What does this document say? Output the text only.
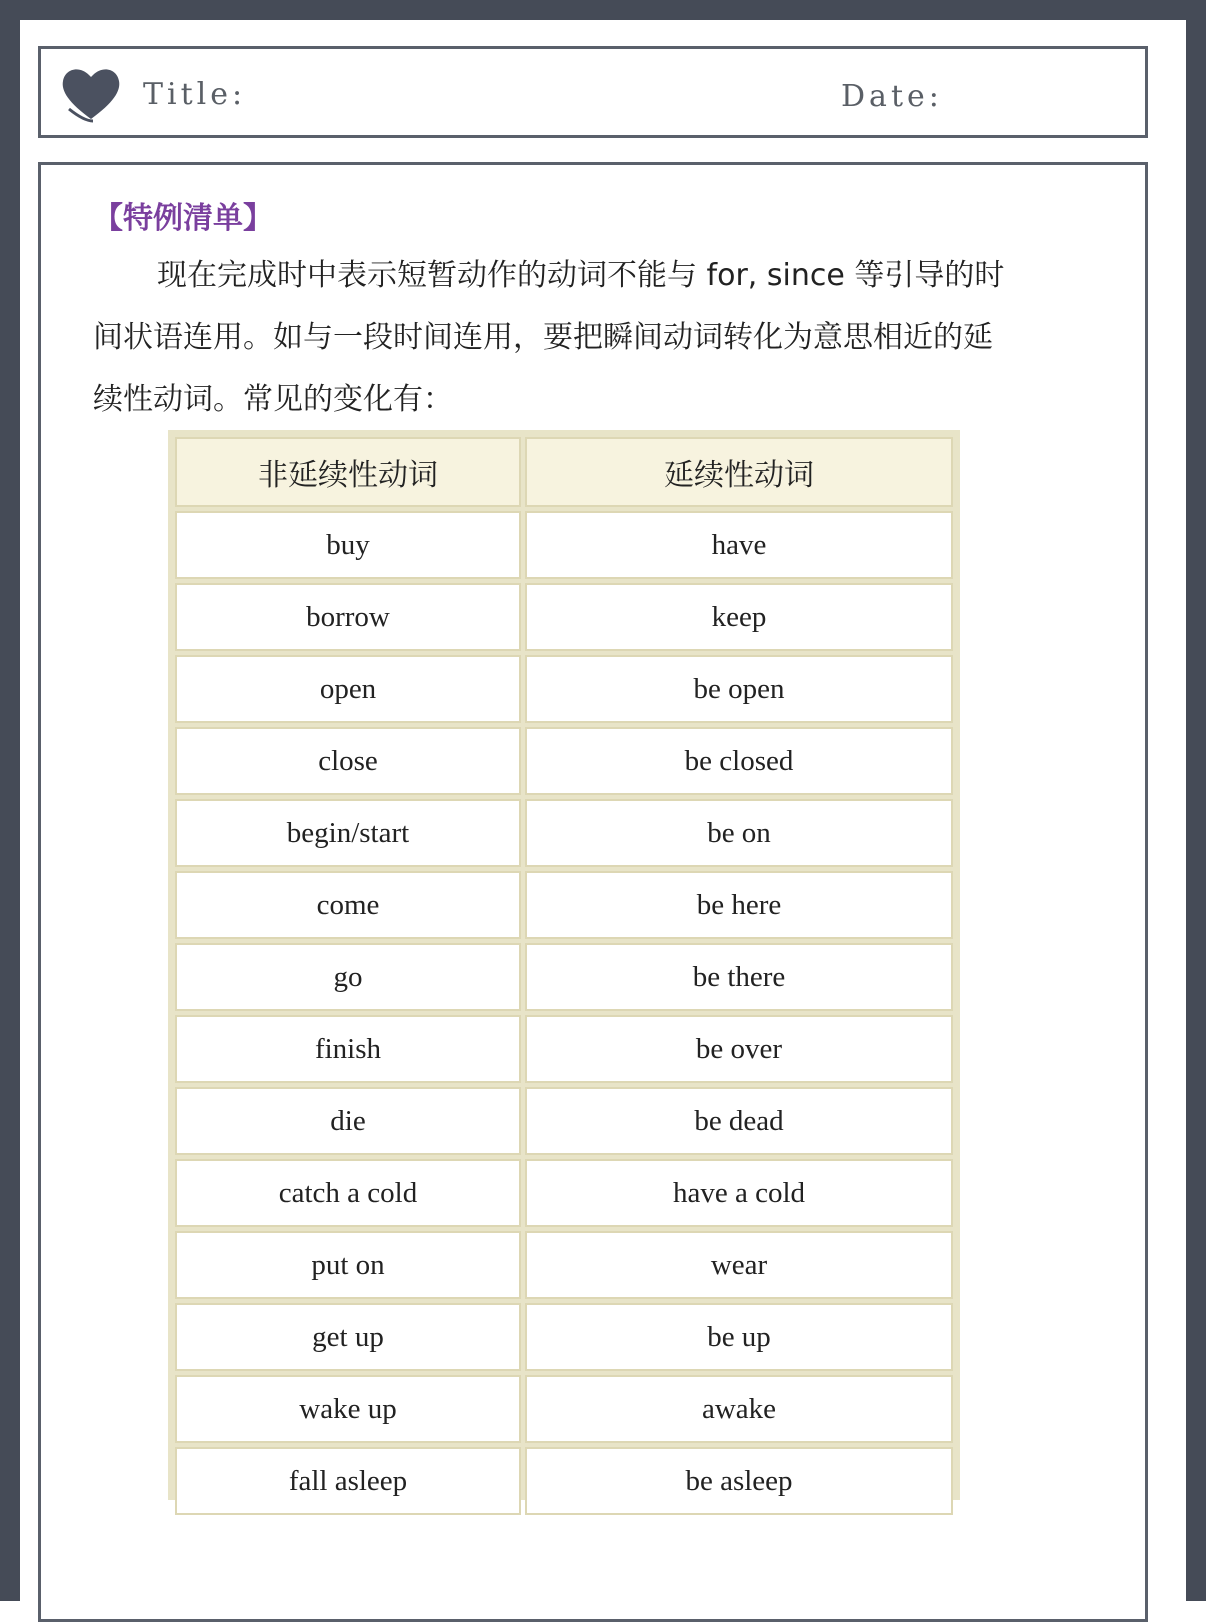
Title:	Date:
【特例清单】
现在完成时中表示短暂动作的动词不能与 for, since 等引导的时
间状语连用。如与一段时间连用，要把瞬间动词转化为意思相近的延
续性动词。常见的变化有：
非延续性动词	延续性动词
buy	have
borrow	keep
open	be open
close	be closed
begin/start	be on
come	be here
go	be there
finish	be over
die	be dead
catch a cold	have a cold
put on	wear
get up	be up
wake up	awake
fall asleep	be asleep
